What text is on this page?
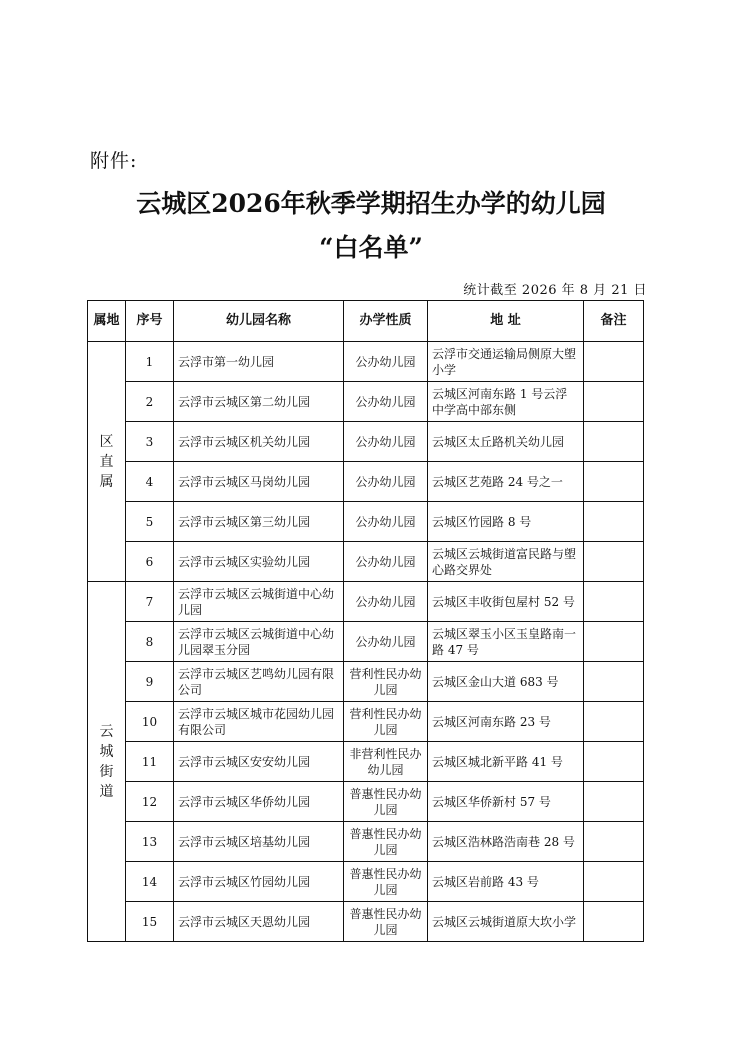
附件:
云城区2026年秋季学期招生办学的幼儿园
“白名单”
统计截至 2026 年 8 月 21 日
属地	序号	幼儿园名称	办学性质	地 址	备注

区
直
属	1	云浮市第一幼儿园	公办幼儿园	云浮市交通运输局侧原大塱小学	
	2	云浮市云城区第二幼儿园	公办幼儿园	云城区河南东路 1 号云浮中学高中部东侧	
	3	云浮市云城区机关幼儿园	公办幼儿园	云城区太丘路机关幼儿园	
	4	云浮市云城区马岗幼儿园	公办幼儿园	云城区艺苑路 24 号之一	
	5	云浮市云城区第三幼儿园	公办幼儿园	云城区竹园路 8 号	
	6	云浮市云城区实验幼儿园	公办幼儿园	云城区云城街道富民路与塱心路交界处	

云
城
街
道	7	云浮市云城区云城街道中心幼儿园	公办幼儿园	云城区丰收街包屋村 52 号	
	8	云浮市云城区云城街道中心幼儿园翠玉分园	公办幼儿园	云城区翠玉小区玉皇路南一路 47 号	
	9	云浮市云城区艺鸣幼儿园有限公司	营利性民办幼儿园	云城区金山大道 683 号	
	10	云浮市云城区城市花园幼儿园有限公司	营利性民办幼儿园	云城区河南东路 23 号	
	11	云浮市云城区安安幼儿园	非营利性民办幼儿园	云城区城北新平路 41 号	
	12	云浮市云城区华侨幼儿园	普惠性民办幼儿园	云城区华侨新村 57 号	
	13	云浮市云城区培基幼儿园	普惠性民办幼儿园	云城区浩林路浩南巷 28 号	
	14	云浮市云城区竹园幼儿园	普惠性民办幼儿园	云城区岩前路 43 号	
	15	云浮市云城区天恩幼儿园	普惠性民办幼儿园	云城区云城街道原大坎小学	
